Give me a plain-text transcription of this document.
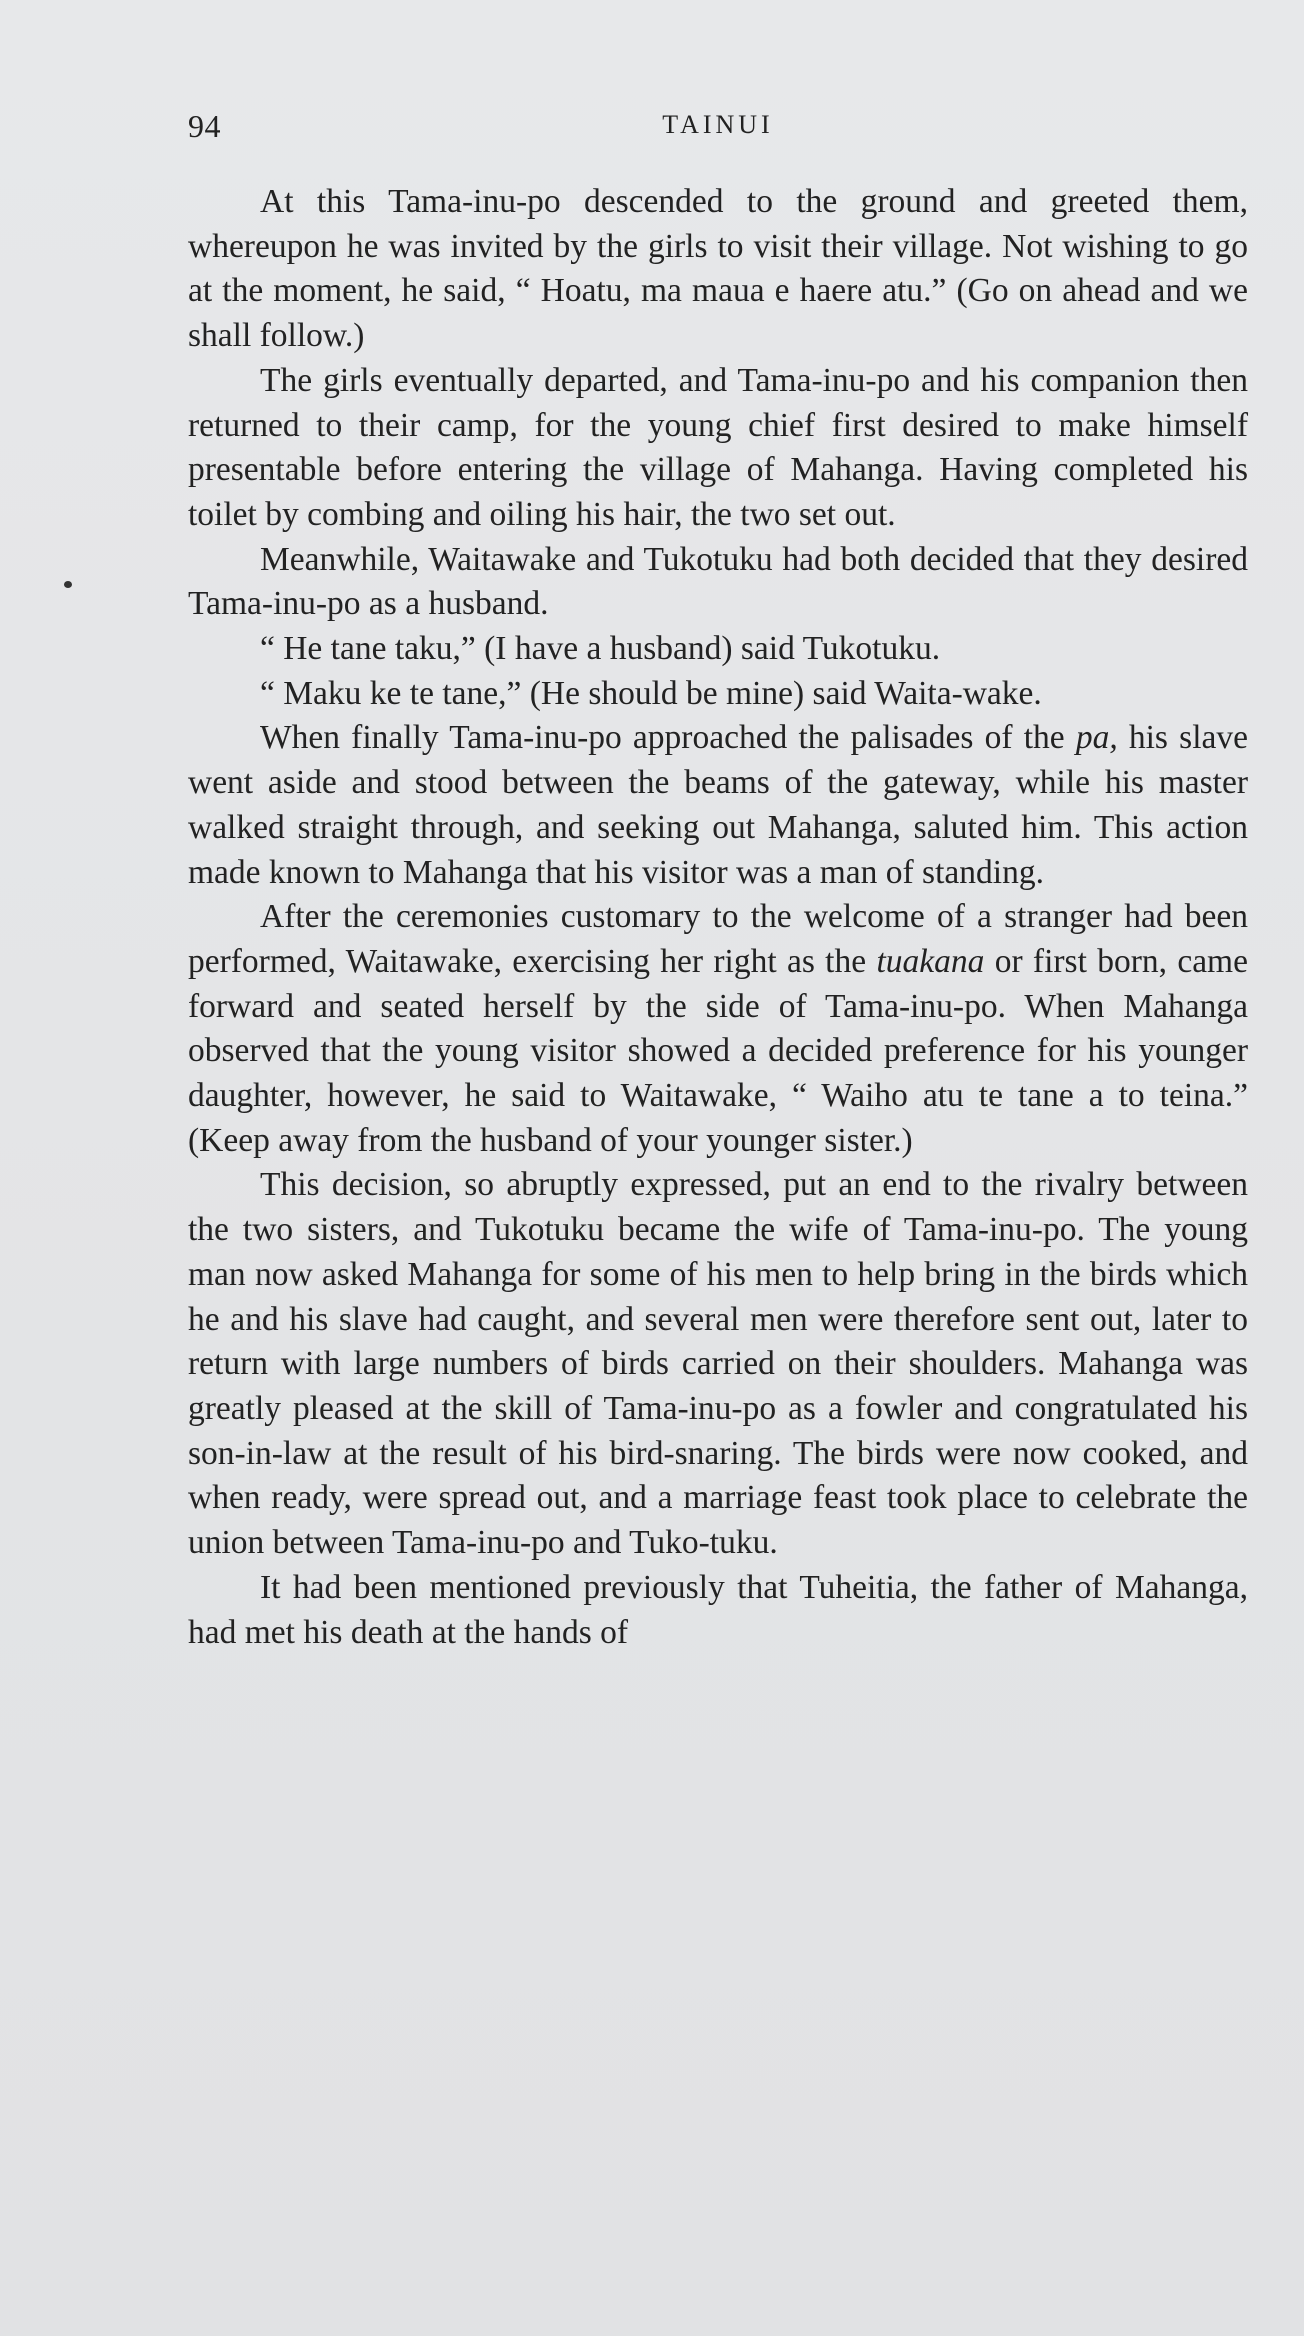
94	TAINUI

At this Tama-inu-po descended to the ground and greeted them, whereupon he was invited by the girls to visit their village. Not wishing to go at the moment, he said, “ Hoatu, ma maua e haere atu.” (Go on ahead and we shall follow.)

The girls eventually departed, and Tama-inu-po and his companion then returned to their camp, for the young chief first desired to make himself presentable before entering the village of Mahanga. Having completed his toilet by combing and oiling his hair, the two set out.

Meanwhile, Waitawake and Tukotuku had both decided that they desired Tama-inu-po as a husband.

“ He tane taku,” (I have a husband) said Tukotuku.

“ Maku ke te tane,” (He should be mine) said Waita-wake.

When finally Tama-inu-po approached the palisades of the pa, his slave went aside and stood between the beams of the gateway, while his master walked straight through, and seeking out Mahanga, saluted him. This action made known to Mahanga that his visitor was a man of standing.

After the ceremonies customary to the welcome of a stranger had been performed, Waitawake, exercising her right as the tuakana or first born, came forward and seated herself by the side of Tama-inu-po. When Mahanga observed that the young visitor showed a decided preference for his younger daughter, however, he said to Waitawake, “ Waiho atu te tane a to teina.” (Keep away from the husband of your younger sister.)

This decision, so abruptly expressed, put an end to the rivalry between the two sisters, and Tukotuku became the wife of Tama-inu-po. The young man now asked Mahanga for some of his men to help bring in the birds which he and his slave had caught, and several men were therefore sent out, later to return with large numbers of birds carried on their shoulders. Mahanga was greatly pleased at the skill of Tama-inu-po as a fowler and congratulated his son-in-law at the result of his bird-snaring. The birds were now cooked, and when ready, were spread out, and a marriage feast took place to celebrate the union between Tama-inu-po and Tuko-tuku.

It had been mentioned previously that Tuheitia, the father of Mahanga, had met his death at the hands of
